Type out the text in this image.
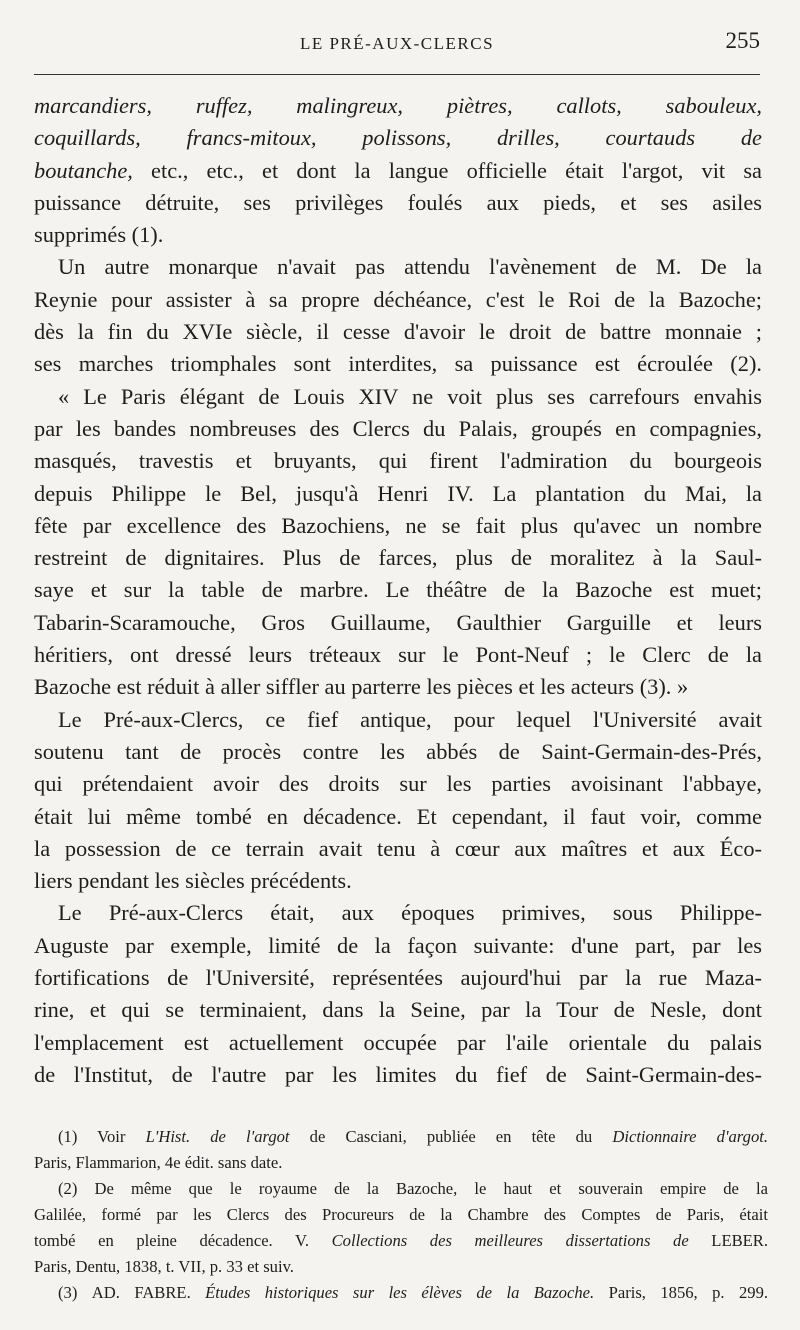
LE PRÉ-AUX-CLERCS	255
marcandiers, ruffez, malingreux, piètres, callots, sabouleux,
coquillards, francs-mitoux, polissons, drilles, courtauds de
boutanche, etc., etc., et dont la langue officielle était l'argot, vit sa
puissance détruite, ses privilèges foulés aux pieds, et ses asiles
supprimés (1).
Un autre monarque n'avait pas attendu l'avènement de M. De la
Reynie pour assister à sa propre déchéance, c'est le Roi de la Bazoche;
dès la fin du XVIe siècle, il cesse d'avoir le droit de battre monnaie ;
ses marches triomphales sont interdites, sa puissance est écroulée (2).
« Le Paris élégant de Louis XIV ne voit plus ses carrefours envahis
par les bandes nombreuses des Clercs du Palais, groupés en compagnies,
masqués, travestis et bruyants, qui firent l'admiration du bourgeois
depuis Philippe le Bel, jusqu'à Henri IV. La plantation du Mai, la
fête par excellence des Bazochiens, ne se fait plus qu'avec un nombre
restreint de dignitaires. Plus de farces, plus de moralitez à la Saul-
saye et sur la table de marbre. Le théâtre de la Bazoche est muet;
Tabarin-Scaramouche, Gros Guillaume, Gaulthier Garguille et leurs
héritiers, ont dressé leurs tréteaux sur le Pont-Neuf ; le Clerc de la
Bazoche est réduit à aller siffler au parterre les pièces et les acteurs (3). »
Le Pré-aux-Clercs, ce fief antique, pour lequel l'Université avait
soutenu tant de procès contre les abbés de Saint-Germain-des-Prés,
qui prétendaient avoir des droits sur les parties avoisinant l'abbaye,
était lui même tombé en décadence. Et cependant, il faut voir, comme
la possession de ce terrain avait tenu à cœur aux maîtres et aux Éco-
liers pendant les siècles précédents.
Le Pré-aux-Clercs était, aux époques primives, sous Philippe-
Auguste par exemple, limité de la façon suivante: d'une part, par les
fortifications de l'Université, représentées aujourd'hui par la rue Maza-
rine, et qui se terminaient, dans la Seine, par la Tour de Nesle, dont
l'emplacement est actuellement occupée par l'aile orientale du palais
de l'Institut, de l'autre par les limites du fief de Saint-Germain-des-
(1) Voir L'Hist. de l'argot de Casciani, publiée en tête du Dictionnaire d'argot.
Paris, Flammarion, 4e édit. sans date.
(2) De même que le royaume de la Bazoche, le haut et souverain empire de la
Galilée, formé par les Clercs des Procureurs de la Chambre des Comptes de Paris, était
tombé en pleine décadence. V. Collections des meilleures dissertations de LEBER.
Paris, Dentu, 1838, t. VII, p. 33 et suiv.
(3) AD. FABRE. Études historiques sur les élèves de la Bazoche. Paris, 1856, p. 299.
